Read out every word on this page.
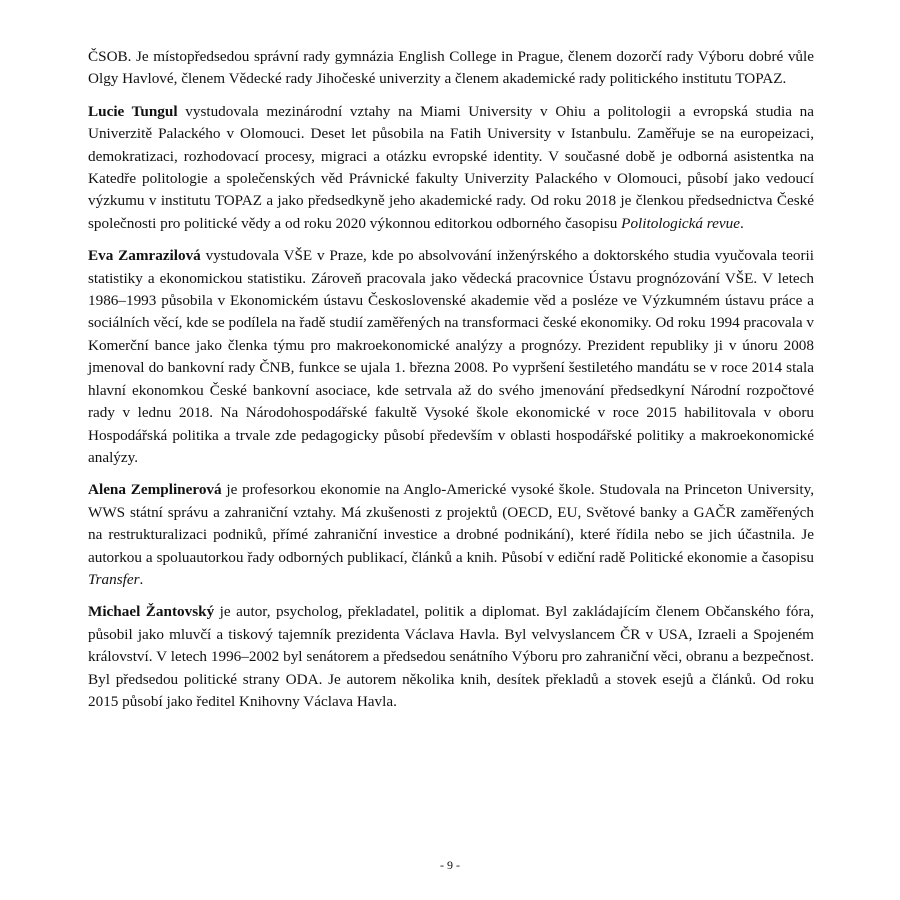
ČSOB. Je místopředsedou správní rady gymnázia English College in Prague, členem dozorčí rady Výboru dobré vůle Olgy Havlové, členem Vědecké rady Jihočeské univerzity a členem akademické rady politického institutu TOPAZ.

Lucie Tungul vystudovala mezinárodní vztahy na Miami University v Ohiu a politologii a evropská studia na Univerzitě Palackého v Olomouci. Deset let působila na Fatih University v Istanbulu. Zaměřuje se na europeizaci, demokratizaci, rozhodovací procesy, migraci a otázku evropské identity. V současné době je odborná asistentka na Katedře politologie a společenských věd Právnické fakulty Univerzity Palackého v Olomouci, působí jako vedoucí výzkumu v institutu TOPAZ a jako předsedkyně jeho akademické rady. Od roku 2018 je členkou předsednictva České společnosti pro politické vědy a od roku 2020 výkonnou editorkou odborného časopisu Politologická revue.

Eva Zamrazilová vystudovala VŠE v Praze, kde po absolvování inženýrského a doktorského studia vyučovala teorii statistiky a ekonomickou statistiku. Zároveň pracovala jako vědecká pracovnice Ústavu prognózování VŠE. V letech 1986–1993 působila v Ekonomickém ústavu Československé akademie věd a posléze ve Výzkumném ústavu práce a sociálních věcí, kde se podílela na řadě studií zaměřených na transformaci české ekonomiky. Od roku 1994 pracovala v Komerční bance jako členka týmu pro makroekonomické analýzy a prognózy. Prezident republiky ji v únoru 2008 jmenoval do bankovní rady ČNB, funkce se ujala 1. března 2008. Po vypršení šestiletého mandátu se v roce 2014 stala hlavní ekonomkou České bankovní asociace, kde setrvala až do svého jmenování předsedkyní Národní rozpočtové rady v lednu 2018. Na Národohospodářské fakultě Vysoké škole ekonomické v roce 2015 habilitovala v oboru Hospodářská politika a trvale zde pedagogicky působí především v oblasti hospodářské politiky a makroekonomické analýzy.

Alena Zemplinerová je profesorkou ekonomie na Anglo-Americké vysoké škole. Studovala na Princeton University, WWS státní správu a zahraniční vztahy. Má zkušenosti z projektů (OECD, EU, Světové banky a GAČR zaměřených na restrukturalizaci podniků, přímé zahraniční investice a drobné podnikání), které řídila nebo se jich účastnila. Je autorkou a spoluautorkou řady odborných publikací, článků a knih. Působí v ediční radě Politické ekonomie a časopisu Transfer.

Michael Žantovský je autor, psycholog, překladatel, politik a diplomat. Byl zakládajícím členem Občanského fóra, působil jako mluvčí a tiskový tajemník prezidenta Václava Havla. Byl velvyslancem ČR v USA, Izraeli a Spojeném království. V letech 1996–2002 byl senátorem a předsedou senátního Výboru pro zahraniční věci, obranu a bezpečnost. Byl předsedou politické strany ODA. Je autorem několika knih, desítek překladů a stovek esejů a článků. Od roku 2015 působí jako ředitel Knihovny Václava Havla.

- 9 -
